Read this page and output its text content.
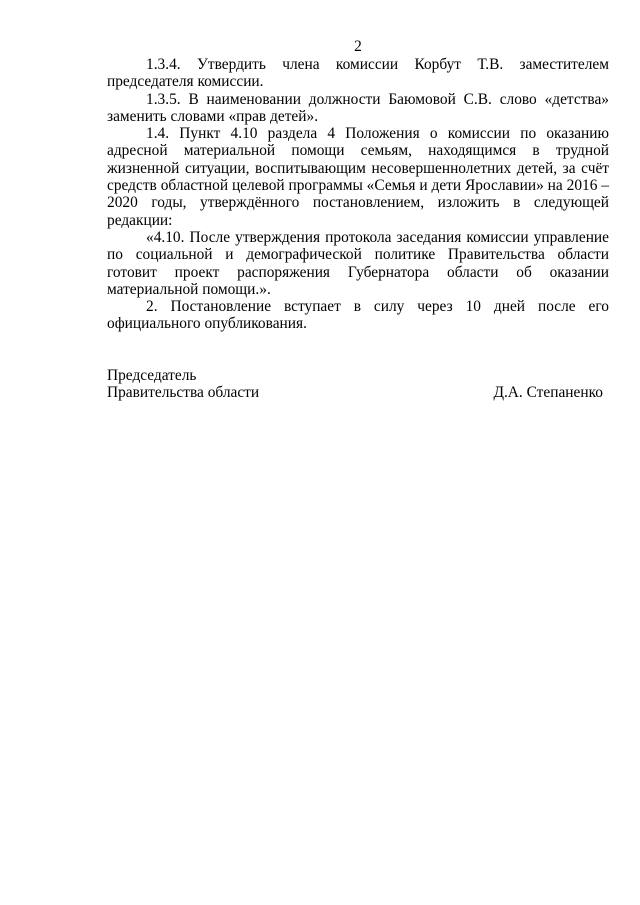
2

1.3.4. Утвердить члена комиссии Корбут Т.В. заместителем председателя комиссии.

1.3.5. В наименовании должности Баюмовой С.В. слово «детства» заменить словами «прав детей».

1.4. Пункт 4.10 раздела 4 Положения о комиссии по оказанию адресной материальной помощи семьям, находящимся в трудной жизненной ситуации, воспитывающим несовершеннолетних детей, за счёт средств областной целевой программы «Семья и дети Ярославии» на 2016 – 2020 годы, утверждённого постановлением, изложить в следующей редакции:

«4.10. После утверждения протокола заседания комиссии управление по социальной и демографической политике Правительства области готовит проект распоряжения Губернатора области об оказании материальной помощи.».

2. Постановление вступает в силу через 10 дней после его официального опубликования.

Председатель
Правительства области	Д.А. Степаненко
